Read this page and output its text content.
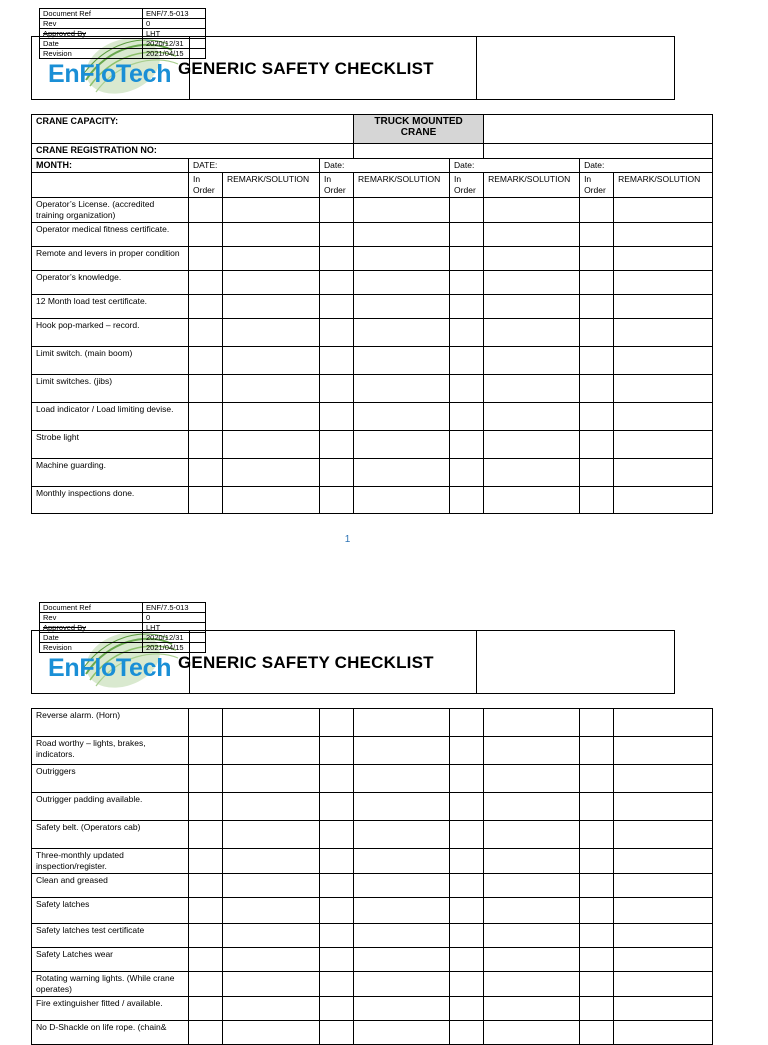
EnFloTech GENERIC SAFETY CHECKLIST
Document Ref	ENF/7.5-013
Rev	0
Approved By	LHT
Date	2020/12/31
Revision	2021/04/15
CRANE CAPACITY:				TRUCK MOUNTED CRANE				
CRANE REGISTRATION NO:								
MONTH:	DATE:		Date:		Date:		Date:	
	In Order	REMARK/SOLUTION	In Order	REMARK/SOLUTION	In Order	REMARK/SOLUTION	In Order	REMARK/SOLUTION
Operator’s License. (accredited training organization)								
Operator medical fitness certificate.								
Remote and levers in proper condition								
Operator’s knowledge.								
12 Month load test certificate.								
Hook pop-marked – record.								
Limit switch. (main boom)								
Limit switches. (jibs)								
Load indicator / Load limiting devise.								
Strobe light								
Machine guarding.								
Monthly inspections done.								
1
EnFloTech GENERIC SAFETY CHECKLIST
Document Ref	ENF/7.5-013
Rev	0
Approved By	LHT
Date	2020/12/31
Revision	2021/04/15
Reverse alarm. (Horn)								
Road worthy – lights, brakes, indicators.								
Outriggers								
Outrigger padding available.								
Safety belt. (Operators cab)								
Three-monthly updated inspection/register.								
Clean and greased								
Safety latches								
Safety latches test certificate								
Safety Latches wear								
Rotating warning lights. (While crane operates)								
Fire extinguisher fitted / available.								
No D-Shackle on life rope. (chain&								
